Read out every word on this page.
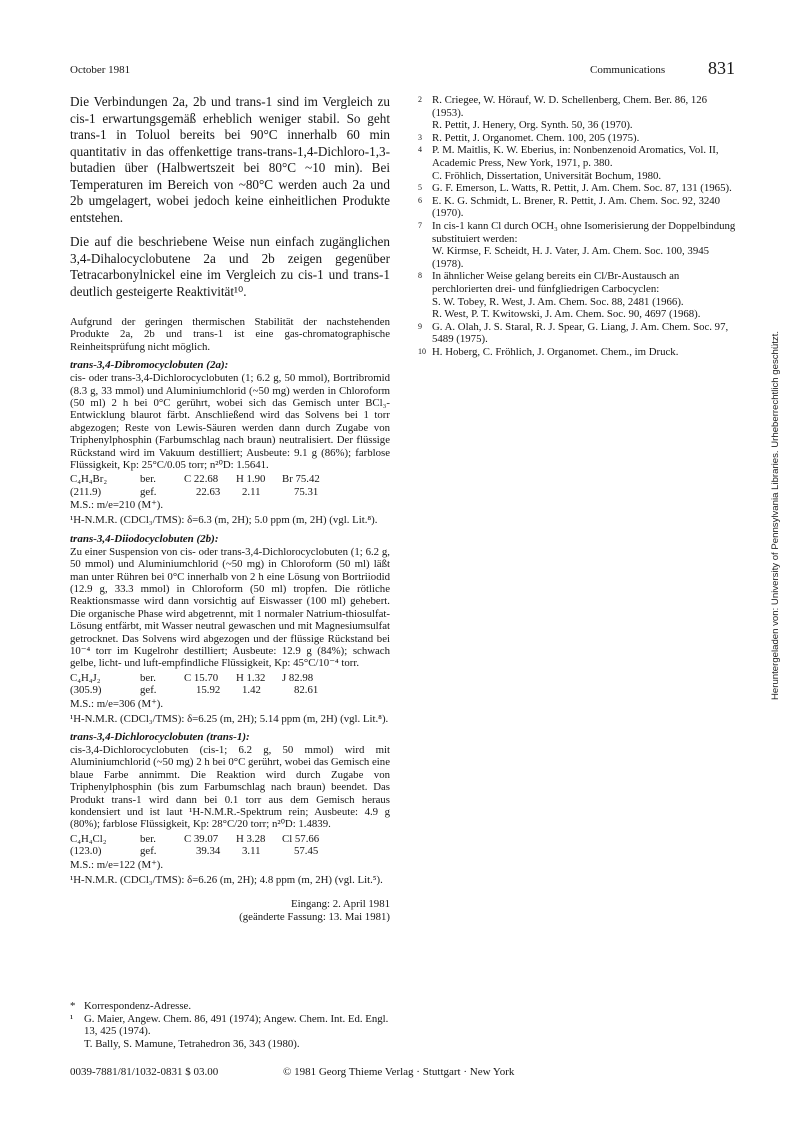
October 1981	Communications 831

Die Verbindungen 2a, 2b und trans-1 sind im Vergleich zu cis-1 erwartungsgemäß erheblich weniger stabil. So geht trans-1 in Toluol bereits bei 90°C innerhalb 60 min quantitativ in das offenkettige trans-trans-1,4-Dichloro-1,3-butadien über (Halbwertszeit bei 80°C ~10 min). Bei Temperaturen im Bereich von ~80°C werden auch 2a und 2b umgelagert, wobei jedoch keine einheitlichen Produkte entstehen.

Die auf die beschriebene Weise nun einfach zugänglichen 3,4-Dihalocyclobutene 2a und 2b zeigen gegenüber Tetracarbonylnickel eine im Vergleich zu cis-1 und trans-1 deutlich gesteigerte Reaktivität¹⁰.

Aufgrund der geringen thermischen Stabilität der nachstehenden Produkte 2a, 2b und trans-1 ist eine gas-chromatographische Reinheitsprüfung nicht möglich.

trans-3,4-Dibromocyclobuten (2a):

cis- oder trans-3,4-Dichlorocyclobuten (1; 6.2 g, 50 mmol), Bortribromid (8.3 g, 33 mmol) und Aluminiumchlorid (~50 mg) werden in Chloroform (50 ml) 2 h bei 0°C gerührt, wobei sich das Gemisch unter BCl₃-Entwicklung blaurot färbt. Anschließend wird das Solvens bei 1 torr abgezogen; Reste von Lewis-Säuren werden dann durch Zugabe von Triphenylphosphin (Farbumschlag nach braun) neutralisiert. Der flüssige Rückstand wird im Vakuum destilliert; Ausbeute: 9.1 g (86%); farblose Flüssigkeit, Kp: 25°C/0.05 torr; n²⁰D: 1.5641.

C₄H₄Br₂	ber.	C 22.68	H 1.90	Br 75.42
(211.9)	gef.	22.63	2.11	75.31
M.S.: m/e=210 (M⁺).
¹H-N.M.R. (CDCl₃/TMS): δ=6.3 (m, 2H); 5.0 ppm (m, 2H) (vgl. Lit.⁸).
trans-3,4-Diiodocyclobuten (2b):

Zu einer Suspension von cis- oder trans-3,4-Dichlorocyclobuten (1; 6.2 g, 50 mmol) und Aluminiumchlorid (~50 mg) in Chloroform (50 ml) läßt man unter Rühren bei 0°C innerhalb von 2 h eine Lösung von Bortriiodid (12.9 g, 33.3 mmol) in Chloroform (50 ml) tropfen. Die rötliche Reaktionsmasse wird dann vorsichtig auf Eiswasser (100 ml) gehebert. Die organische Phase wird abgetrennt, mit 1 normaler Natrium-thiosulfat-Lösung entfärbt, mit Wasser neutral gewaschen und mit Magnesiumsulfat getrocknet. Das Solvens wird abgezogen und der flüssige Rückstand bei 10⁻⁴ torr im Kugelrohr destilliert; Ausbeute: 12.9 g (84%); schwach gelbe, licht- und luft-empfindliche Flüssigkeit, Kp: 45°C/10⁻⁴ torr.

C₄H₄J₂	ber.	C 15.70	H 1.32	J 82.98
(305.9)	gef.	15.92	1.42	82.61
M.S.: m/e=306 (M⁺).
¹H-N.M.R. (CDCl₃/TMS): δ=6.25 (m, 2H); 5.14 ppm (m, 2H) (vgl. Lit.⁸).
trans-3,4-Dichlorocyclobuten (trans-1):

cis-3,4-Dichlorocyclobuten (cis-1; 6.2 g, 50 mmol) wird mit Aluminiumchlorid (~50 mg) 2 h bei 0°C gerührt, wobei das Gemisch eine blaue Farbe annimmt. Die Reaktion wird durch Zugabe von Triphenylphosphin (bis zum Farbumschlag nach braun) beendet. Das Produkt trans-1 wird dann bei 0.1 torr aus dem Gemisch heraus kondensiert und ist laut ¹H-N.M.R.-Spektrum rein; Ausbeute: 4.9 g (80%); farblose Flüssigkeit, Kp: 28°C/20 torr; n²⁰D: 1.4839.

C₄H₄Cl₂	ber.	C 39.07	H 3.28	Cl 57.66
(123.0)	gef.	39.34	3.11	57.45
M.S.: m/e=122 (M⁺).
¹H-N.M.R. (CDCl₃/TMS): δ=6.26 (m, 2H); 4.8 ppm (m, 2H) (vgl. Lit.⁵).
Eingang: 2. April 1981
(geänderte Fassung: 13. Mai 1981)
* Korrespondenz-Adresse.
¹ G. Maier, Angew. Chem. 86, 491 (1974); Angew. Chem. Int. Ed. Engl. 13, 425 (1974).
T. Bally, S. Mamune, Tetrahedron 36, 343 (1980).
2 R. Criegee, W. Hörauf, W. D. Schellenberg, Chem. Ber. 86, 126 (1953).
R. Pettit, J. Henery, Org. Synth. 50, 36 (1970).
3 R. Pettit, J. Organomet. Chem. 100, 205 (1975).
4 P. M. Maitlis, K. W. Eberius, in: Nonbenzenoid Aromatics, Vol. II, Academic Press, New York, 1971, p. 380.
C. Fröhlich, Dissertation, Universität Bochum, 1980.
5 G. F. Emerson, L. Watts, R. Pettit, J. Am. Chem. Soc. 87, 131 (1965).
6 E. K. G. Schmidt, L. Brener, R. Pettit, J. Am. Chem. Soc. 92, 3240 (1970).
7 In cis-1 kann Cl durch OCH₃ ohne Isomerisierung der Doppelbindung substituiert werden:
W. Kirmse, F. Scheidt, H. J. Vater, J. Am. Chem. Soc. 100, 3945 (1978).
8 In ähnlicher Weise gelang bereits ein Cl/Br-Austausch an perchlorierten drei- und fünfgliedrigen Carbocyclen:
S. W. Tobey, R. West, J. Am. Chem. Soc. 88, 2481 (1966).
R. West, P. T. Kwitowski, J. Am. Chem. Soc. 90, 4697 (1968).
9 G. A. Olah, J. S. Staral, R. J. Spear, G. Liang, J. Am. Chem. Soc. 97, 5489 (1975).
10 H. Hoberg, C. Fröhlich, J. Organomet. Chem., im Druck.
0039-7881/81/1032-0831 $ 03.00	© 1981 Georg Thieme Verlag · Stuttgart · New York
Heruntergeladen von: University of Pennsylvania Libraries. Urheberrechtlich geschützt.
